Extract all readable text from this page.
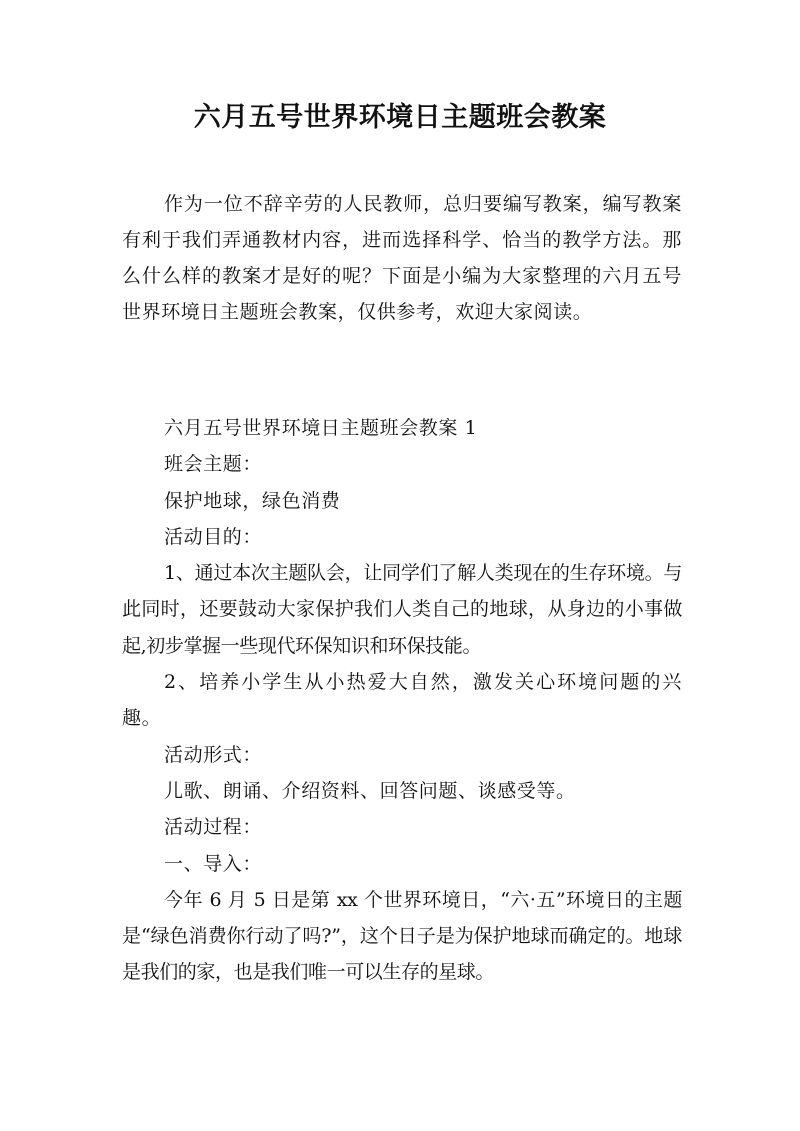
六月五号世界环境日主题班会教案
作为一位不辞辛劳的人民教师，总归要编写教案，编写教案有利于我们弄通教材内容，进而选择科学、恰当的教学方法。那么什么样的教案才是好的呢？下面是小编为大家整理的六月五号世界环境日主题班会教案，仅供参考，欢迎大家阅读。

六月五号世界环境日主题班会教案 1

班会主题：

保护地球，绿色消费

活动目的：

1、通过本次主题队会，让同学们了解人类现在的生存环境。与此同时，还要鼓动大家保护我们人类自己的地球，从身边的小事做起,初步掌握一些现代环保知识和环保技能。

2、培养小学生从小热爱大自然，激发关心环境问题的兴趣。

活动形式：

儿歌、朗诵、介绍资料、回答问题、谈感受等。

活动过程：

一、导入：

今年 6 月 5 日是第 xx 个世界环境日，“六·五”环境日的主题是“绿色消费你行动了吗?”，这个日子是为保护地球而确定的。地球是我们的家，也是我们唯一可以生存的星球。
